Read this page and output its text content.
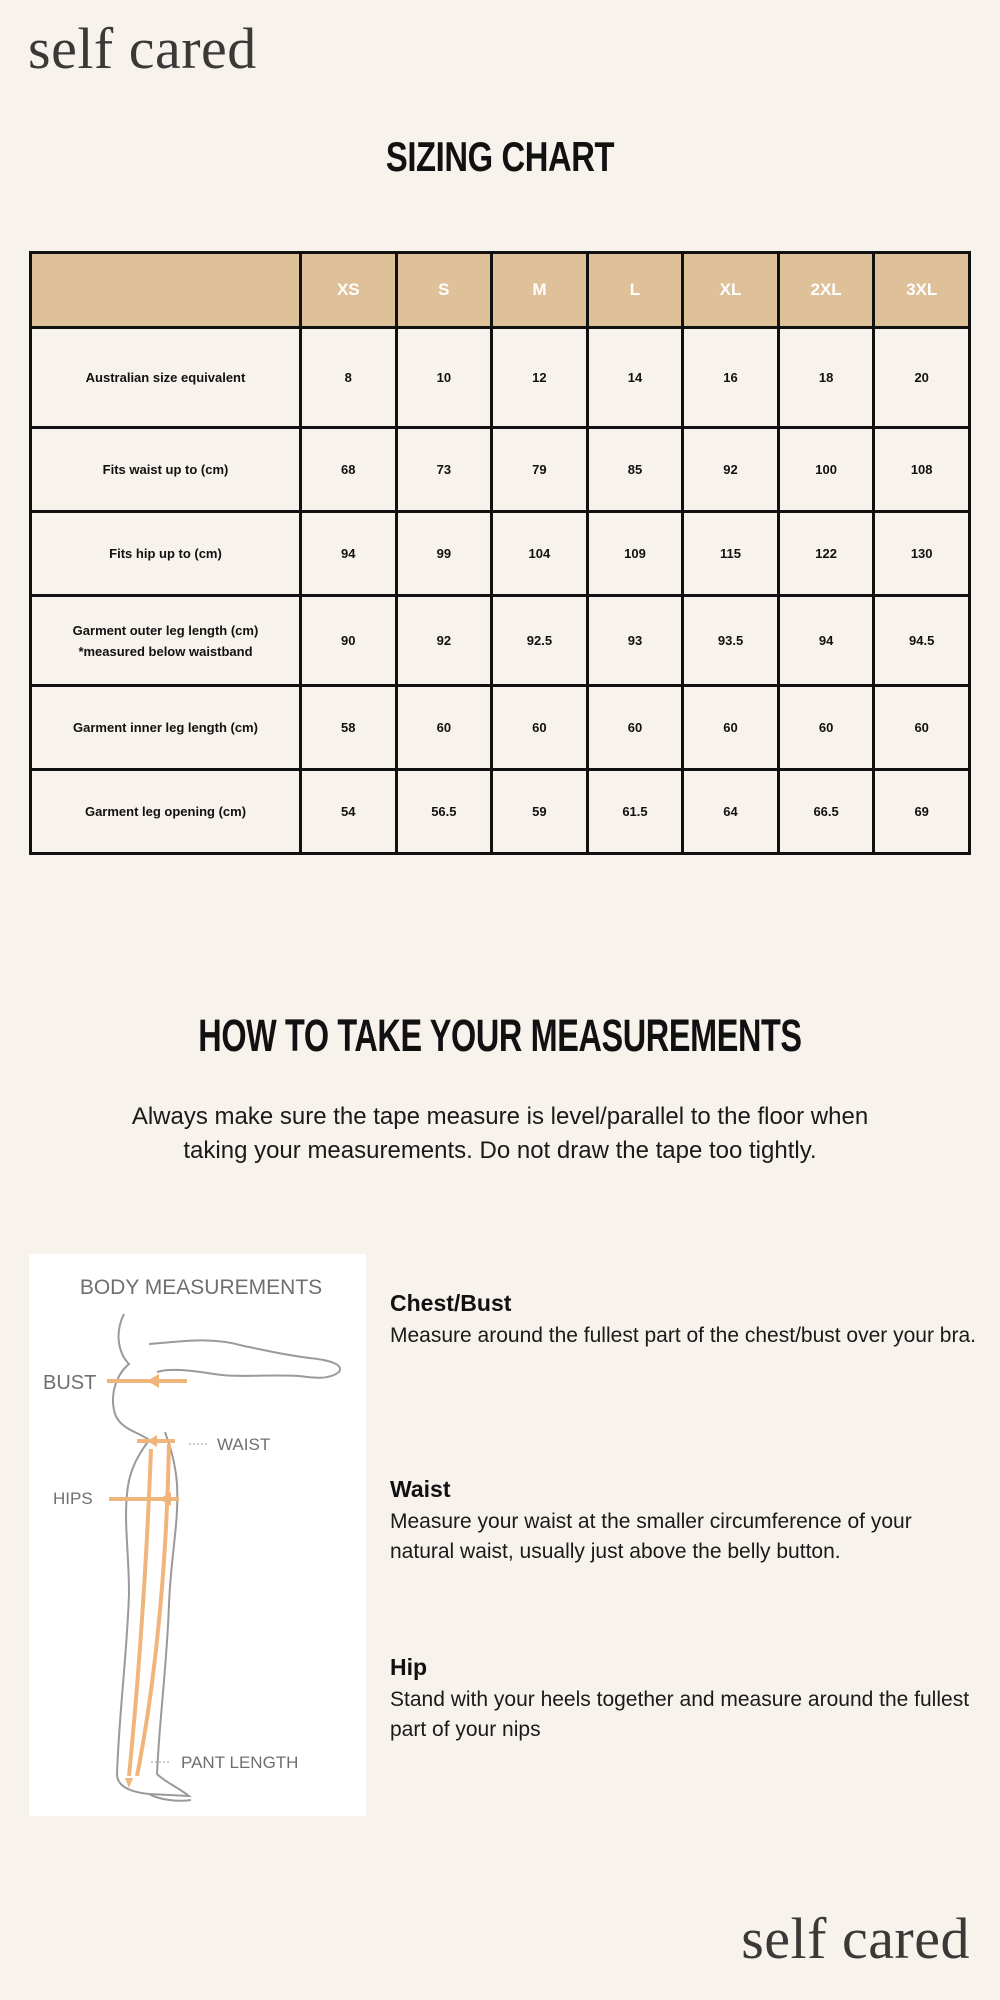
self cared
SIZING CHART
	XS	S	M	L	XL	2XL	3XL
Australian size equivalent	8	10	12	14	16	18	20
Fits waist up to (cm)	68	73	79	85	92	100	108
Fits hip up to (cm)	94	99	104	109	115	122	130
Garment outer leg length (cm)
*measured below waistband	90	92	92.5	93	93.5	94	94.5
Garment inner leg length (cm)	58	60	60	60	60	60	60
Garment leg opening (cm)	54	56.5	59	61.5	64	66.5	69
HOW TO TAKE YOUR MEASUREMENTS
Always make sure the tape measure is level/parallel to the floor when taking your measurements. Do not draw the tape too tightly.
BODY MEASUREMENTS
BUST
WAIST
HIPS
PANT LENGTH
Chest/Bust
Measure around the fullest part of the chest/bust over your bra.
Waist
Measure your waist at the smaller circumference of your natural waist, usually just above the belly button.
Hip
Stand with your heels together and measure around the fullest part of your nips
self cared
